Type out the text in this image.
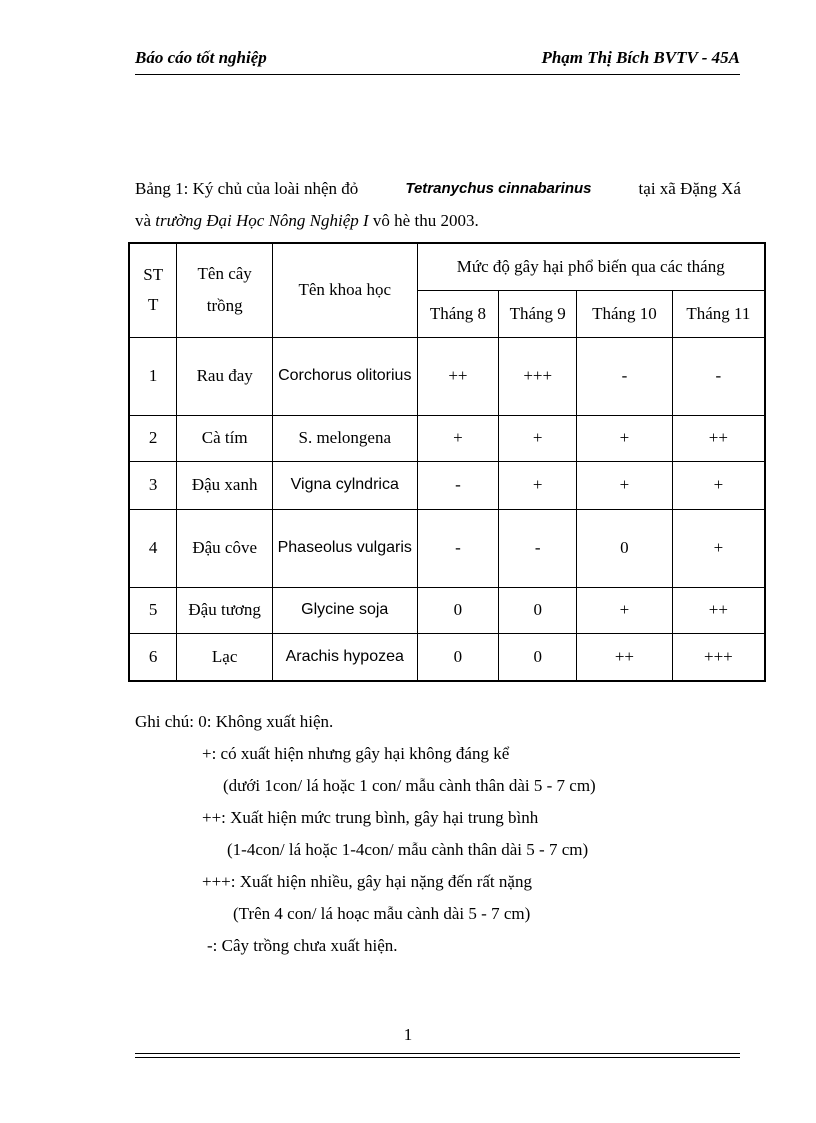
Báo cáo tốt nghiệp	Phạm Thị Bích BVTV - 45A
Bảng 1: Ký chủ của loài nhện đỏ	Tetranychus cinnabarinus	tại xã Đặng Xá
và trường Đại Học Nông Nghiệp I vô hè thu 2003.
ST
T	Tên cây trồng	Tên khoa học	Mức độ gây hại phổ biến qua các tháng			
			Tháng 8	Tháng 9	Tháng 10	Tháng 11
1	Rau đay	Corchorus olitorius	++	+++	-	-
2	Cà tím	S. melongena	+	+	+	++
3	Đậu xanh	Vigna cylndrica	-	+	+	+
4	Đậu côve	Phaseolus vulgaris	-	-	0	+
5	Đậu tương	Glycine soja	0	0	+	++
6	Lạc	Arachis hypozea	0	0	++	+++
Ghi chú: 0: Không xuất hiện.
+: có xuất hiện nhưng gây hại không đáng kể
(dưới 1con/ lá hoặc 1 con/ mẫu cành thân dài 5 - 7 cm)
++: Xuất hiện mức trung bình, gây hại trung bình
(1-4con/ lá hoặc 1-4con/ mẫu cành thân dài 5 - 7 cm)
+++: Xuất hiện nhiều, gây hại nặng đến rất nặng
(Trên 4 con/ lá hoạc mẫu cành dài 5 - 7 cm)
-: Cây trồng chưa xuất hiện.
1
